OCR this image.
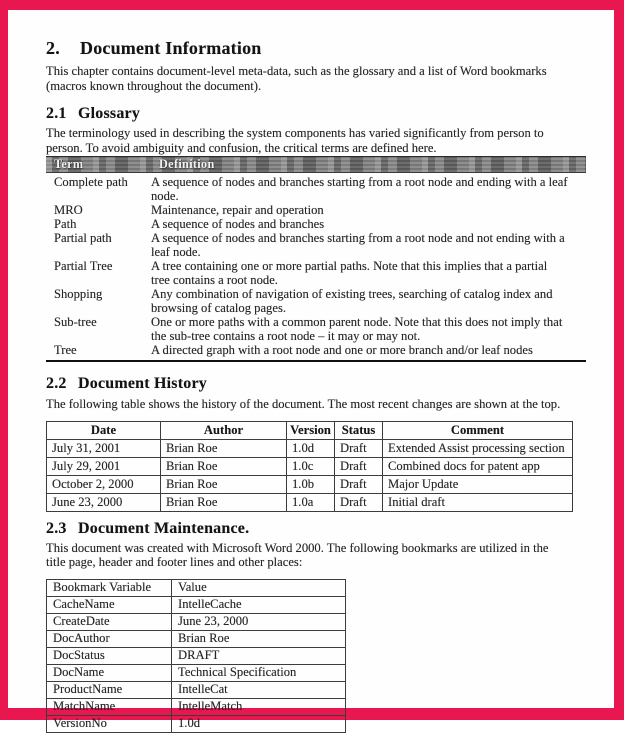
2. Document Information

This chapter contains document-level meta-data, such as the glossary and a list of Word bookmarks (macros known throughout the document).

2.1 Glossary

The terminology used in describing the system components has varied significantly from person to person. To avoid ambiguity and confusion, the critical terms are defined here.

Term	Definition
Complete path	A sequence of nodes and branches starting from a root node and ending with a leaf node.
MRO	Maintenance, repair and operation
Path	A sequence of nodes and branches
Partial path	A sequence of nodes and branches starting from a root node and not ending with a leaf node.
Partial Tree	A tree containing one or more partial paths. Note that this implies that a partial tree contains a root node.
Shopping	Any combination of navigation of existing trees, searching of catalog index and browsing of catalog pages.
Sub-tree	One or more paths with a common parent node. Note that this does not imply that the sub-tree contains a root node – it may or may not.
Tree	A directed graph with a root node and one or more branch and/or leaf nodes
2.2 Document History

The following table shows the history of the document. The most recent changes are shown at the top.

Date	Author	Version	Status	Comment
July 31, 2001	Brian Roe	1.0d	Draft	Extended Assist processing section
July 29, 2001	Brian Roe	1.0c	Draft	Combined docs for patent app
October 2, 2000	Brian Roe	1.0b	Draft	Major Update
June 23, 2000	Brian Roe	1.0a	Draft	Initial draft
2.3 Document Maintenance.

This document was created with Microsoft Word 2000. The following bookmarks are utilized in the title page, header and footer lines and other places:

Bookmark Variable	Value
CacheName	IntelleCache
CreateDate	June 23, 2000
DocAuthor	Brian Roe
DocStatus	DRAFT
DocName	Technical Specification
ProductName	IntelleCat
MatchName	IntelleMatch
VersionNo	1.0d
